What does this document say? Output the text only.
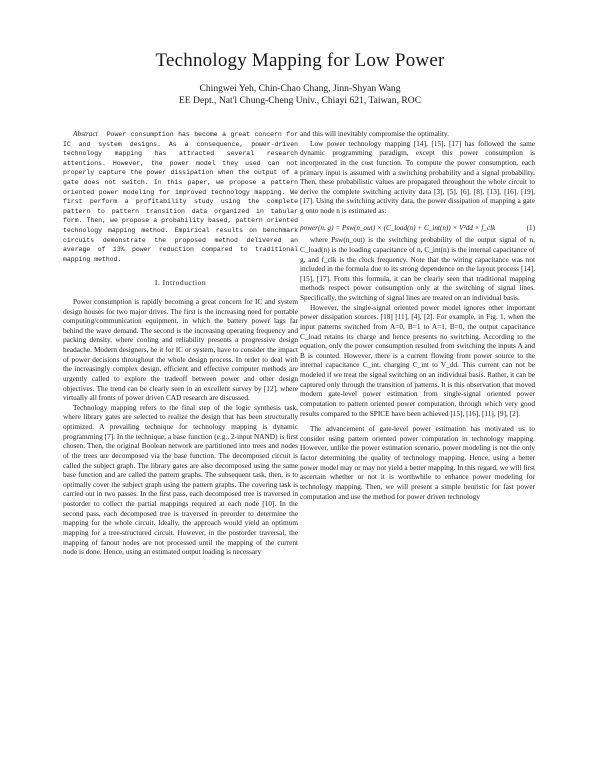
Technology Mapping for Low Power
Chingwei Yeh, Chin-Chao Chang, Jinn-Shyan Wang
EE Dept., Nat'l Chung-Cheng Univ., Chiayi 621, Taiwan, ROC

Abstract Power consumption has become a great concern for IC and system designs. As a consequence, power-driven technology mapping has attracted several research attentions. However, the power model they used can not properly capture the power dissipation when the output of a gate does not switch. In this paper, we propose a pattern oriented power modeling for improved technology mapping. We first perform a profitability study using the complete pattern to pattern transition data organized in tabular form. Then, we propose a probability based, pattern oriented technology mapping method. Empirical results on benchmark circuits demonstrate the proposed method delivered an average of 13% power reduction compared to traditional mapping method.

I. Introduction

Power consumption is rapidly becoming a great concern for IC and system design houses for two major drives. The first is the increasing need for portable computing/communication equipment, in which the battery power lags far behind the wave demand. The second is the increasing operating frequency and packing density, where cooling and reliability presents a progressive design headache. Modern designers, be it for IC or system, have to consider the impact of power decisions throughout the whole design process. In order to deal with the increasingly complex design, efficient and effective computer methods are urgently called to explore the tradeoff between power and other design objectives. The trend can be clearly seen in an excellent survey by [12], where virtually all fronts of power driven CAD research are discussed.

Technology mapping refers to the final step of the logic synthesis task, where library gates are selected to realize the design that has been structurally optimized. A prevailing technique for technology mapping is dynamic programming [7]. In the technique, a base function (e.g., 2-input NAND) is first chosen. Then, the original Boolean network are partitioned into trees and nodes of the trees are decomposed via the base function. The decomposed circuit is called the subject graph. The library gates are also decomposed using the same base function and are called the pattern graphs. The subsequent task, then, is to optimally cover the subject graph using the pattern graphs. The covering task is carried out in two passes. In the first pass, each decomposed tree is traversed in postorder to collect the partial mappings required at each node [10]. In the second pass, each decomposed tree is traversed in preorder to determine the mapping for the whole circuit. Ideally, the approach would yield an optimum mapping for a tree-structured circuit. However, in the postorder traversal, the mapping of fanout nodes are not processed until the mapping of the current node is done. Hence, using an estimated output loading is necessary

and this will inevitably compromise the optimality.

Low power technology mapping [14], [15], [17] has followed the same dynamic programming paradigm, except this power consumption is incorporated in the cost function. To compute the power consumption, each primary input is assumed with a switching probability and a signal probability. Then, these probabilistic values are propagated throughout the whole circuit to derive the complete switching activity data [3], [5], [6], [8], [13], [16], [19], [17]. Using the switching activity data, the power dissipation of mapping a gate g onto node n is estimated as:

power(n, g) = Psw(n_out) × (C_load(n) + C_int(n)) × V²dd × f_clk	(1)

where Psw(n_out) is the switching probability of the output signal of n, C_load(n) is the loading capacitance of n, C_int(n) is the internal capacitance of g, and f_clk is the clock frequency. Note that the wiring capacitance was not included in the formula due to its strong dependence on the layout process [14], [15], [17]. From this formula, it can be clearly seen that traditional mapping methods respect power consumption only at the switching of signal lines. Specifically, the switching of signal lines are treated on an individual basis.

However, the single-signal oriented power model ignores other important power dissipation sources. [18] [11], [4], [2]. For example, in Fig. 1, when the input patterns switched from A=0, B=1 to A=1, B=0, the output capacitance C_load retains its charge and hence presents no switching. According to the equation, only the power consumption resulted from switching the inputs A and B is counted. However, there is a current flowing from power source to the internal capacitance C_int, charging C_int to V_dd. This current can not be modeled if we treat the signal switching on an individual basis. Rather, it can be captured only through the transition of patterns. It is this observation that moved modern gate-level power estimation from single-signal oriented power computation to pattern oriented power computation, through which very good results compared to the SPICE have been achieved [15], [16], [11], [9], [2].

The advancement of gate-level power estimation has motivated us to consider using pattern oriented power computation in technology mapping. However, unlike the power estimation scenario, power modeling is not the only factor determining the quality of technology mapping. Hence, using a better power model may or may not yield a better mapping. In this regard, we will first ascertain whether or not it is worthwhile to enhance power modeling for technology mapping. Then, we will present a simple heuristic for fast power computation and use the method for power driven technology
